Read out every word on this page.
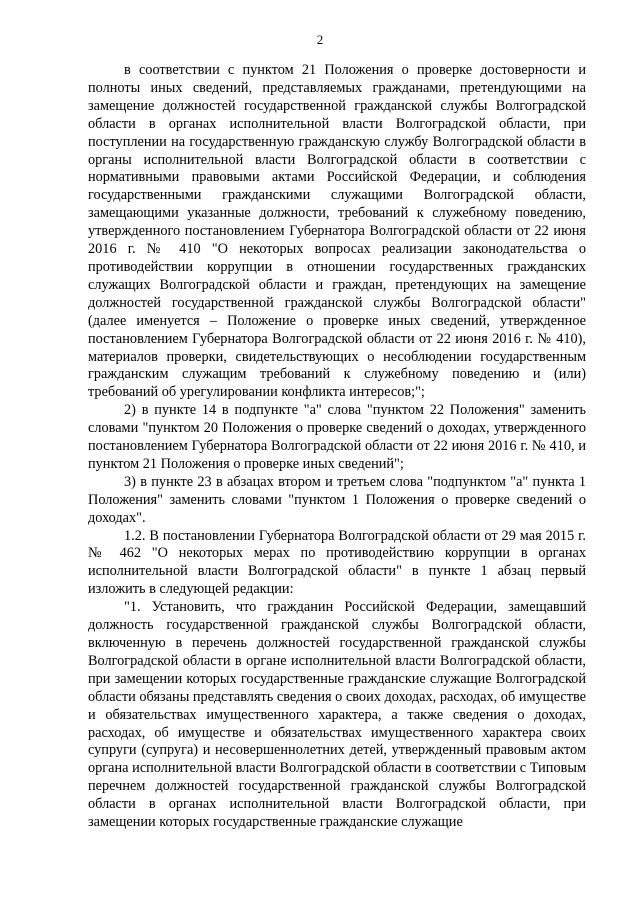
2

в соответствии с пунктом 21 Положения о проверке достоверности и полноты иных сведений, представляемых гражданами, претендующими на замещение должностей государственной гражданской службы Волгоградской области в органах исполнительной власти Волгоградской области, при поступлении на государственную гражданскую службу Волгоградской области в органы исполнительной власти Волгоградской области в соответствии с нормативными правовыми актами Российской Федерации, и соблюдения государственными гражданскими служащими Волгоградской области, замещающими указанные должности, требований к служебному поведению, утвержденного постановлением Губернатора Волгоградской области от 22 июня 2016 г. № 410 "О некоторых вопросах реализации законодательства о противодействии коррупции в отношении государственных гражданских служащих Волгоградской области и граждан, претендующих на замещение должностей государственной гражданской службы Волгоградской области" (далее именуется – Положение о проверке иных сведений, утвержденное постановлением Губернатора Волгоградской области от 22 июня 2016 г. № 410), материалов проверки, свидетельствующих о несоблюдении государственным гражданским служащим требований к служебному поведению и (или) требований об урегулировании конфликта интересов;";

2) в пункте 14 в подпункте "а" слова "пунктом 22 Положения" заменить словами "пунктом 20 Положения о проверке сведений о доходах, утвержденного постановлением Губернатора Волгоградской области от 22 июня 2016 г. № 410, и пунктом 21 Положения о проверке иных сведений";

3) в пункте 23 в абзацах втором и третьем слова "подпунктом "а" пункта 1 Положения" заменить словами "пунктом 1 Положения о проверке сведений о доходах".

1.2. В постановлении Губернатора Волгоградской области от 29 мая 2015 г. № 462 "О некоторых мерах по противодействию коррупции в органах исполнительной власти Волгоградской области" в пункте 1 абзац первый изложить в следующей редакции:

"1. Установить, что гражданин Российской Федерации, замещавший должность государственной гражданской службы Волгоградской области, включенную в перечень должностей государственной гражданской службы Волгоградской области в органе исполнительной власти Волгоградской области, при замещении которых государственные гражданские служащие Волгоградской области обязаны представлять сведения о своих доходах, расходах, об имуществе и обязательствах имущественного характера, а также сведения о доходах, расходах, об имуществе и обязательствах имущественного характера своих супруги (супруга) и несовершеннолетних детей, утвержденный правовым актом органа исполнительной власти Волгоградской области в соответствии с Типовым перечнем должностей государственной гражданской службы Волгоградской области в органах исполнительной власти Волгоградской области, при замещении которых государственные гражданские служащие
